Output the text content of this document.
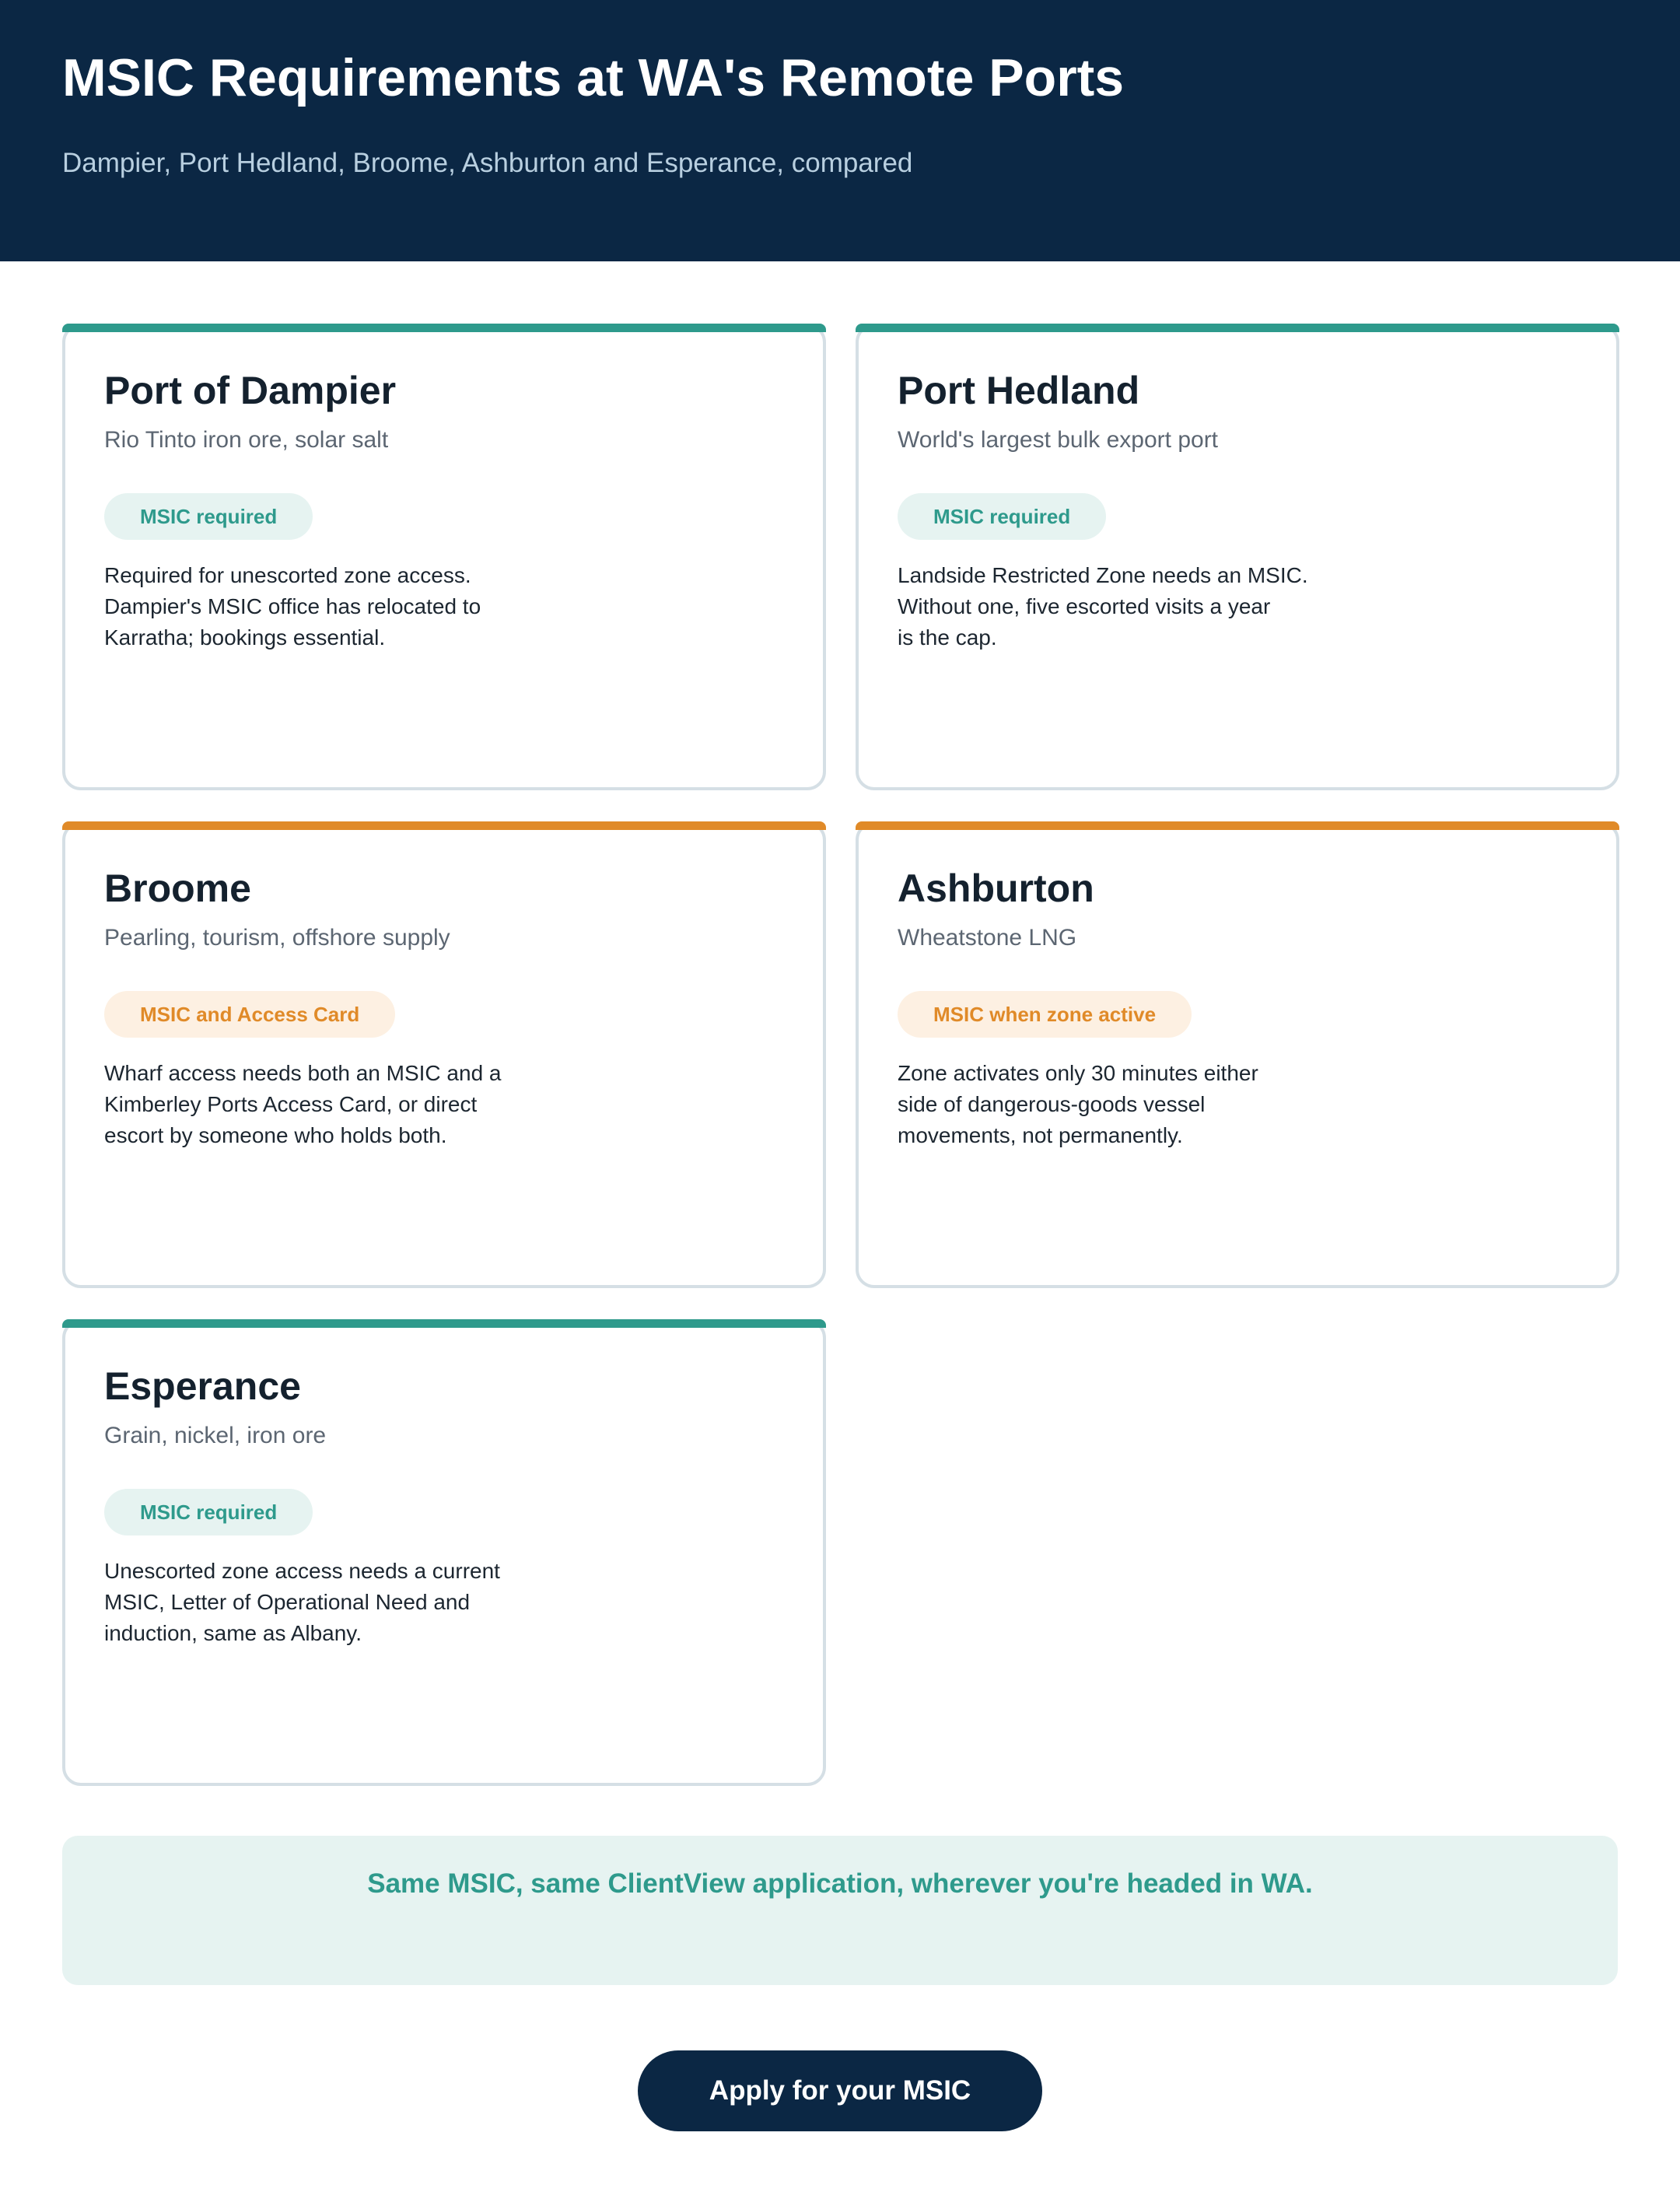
MSIC Requirements at WA's Remote Ports

Dampier, Port Hedland, Broome, Ashburton and Esperance, compared

Port of Dampier

Rio Tinto iron ore, solar salt

MSIC required

Required for unescorted zone access.
Dampier's MSIC office has relocated to
Karratha; bookings essential.

Port Hedland

World's largest bulk export port

MSIC required

Landside Restricted Zone needs an MSIC.
Without one, five escorted visits a year
is the cap.

Broome

Pearling, tourism, offshore supply

MSIC and Access Card

Wharf access needs both an MSIC and a
Kimberley Ports Access Card, or direct
escort by someone who holds both.

Ashburton

Wheatstone LNG

MSIC when zone active

Zone activates only 30 minutes either
side of dangerous-goods vessel
movements, not permanently.

Esperance

Grain, nickel, iron ore

MSIC required

Unescorted zone access needs a current
MSIC, Letter of Operational Need and
induction, same as Albany.

Same MSIC, same ClientView application, wherever you're headed in WA.
Apply for your MSIC
